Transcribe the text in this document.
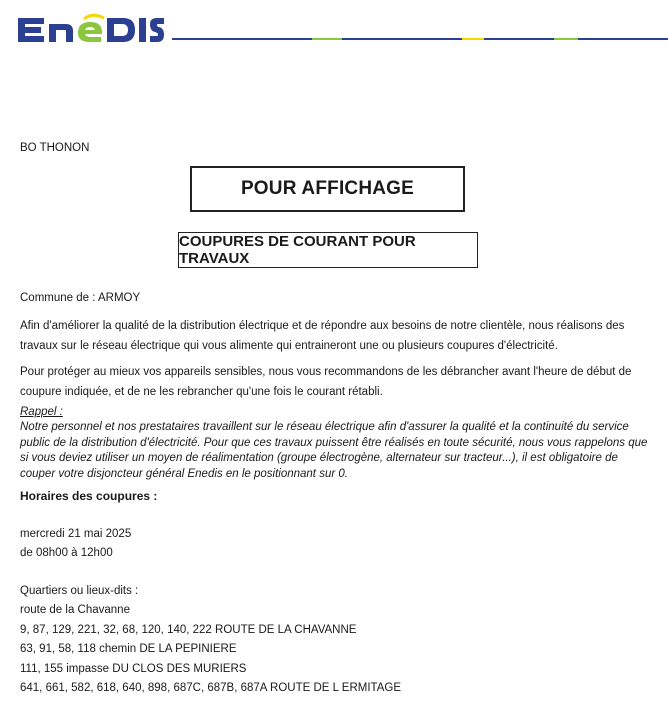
BO THONON
POUR AFFICHAGE
COUPURES DE COURANT POUR TRAVAUX
Commune de : ARMOY
Afin d'améliorer la qualité de la distribution électrique et de répondre aux besoins de notre clientèle, nous réalisons des travaux sur le réseau électrique qui vous alimente qui entraineront une ou plusieurs coupures d'électricité.
Pour protéger au mieux vos appareils sensibles, nous vous recommandons de les débrancher avant l'heure de début de coupure indiquée, et de ne les rebrancher qu'une fois le courant rétabli.
Rappel :
Notre personnel et nos prestataires travaillent sur le réseau électrique afin d'assurer la qualité et la continuité du service public de la distribution d'électricité. Pour que ces travaux puissent être réalisés en toute sécurité, nous vous rappelons que si vous deviez utiliser un moyen de réalimentation (groupe électrogène, alternateur sur tracteur...), il est obligatoire de couper votre disjoncteur général Enedis en le positionnant sur 0.
Horaires des coupures :
mercredi 21 mai 2025
de 08h00 à 12h00
Quartiers ou lieux-dits :
route de la Chavanne
9, 87, 129, 221, 32, 68, 120, 140, 222 ROUTE DE LA CHAVANNE
63, 91, 58, 118 chemin DE LA PEPINIERE
111, 155 impasse DU CLOS DES MURIERS
641, 661, 582, 618, 640, 898, 687C, 687B, 687A ROUTE DE L ERMITAGE
